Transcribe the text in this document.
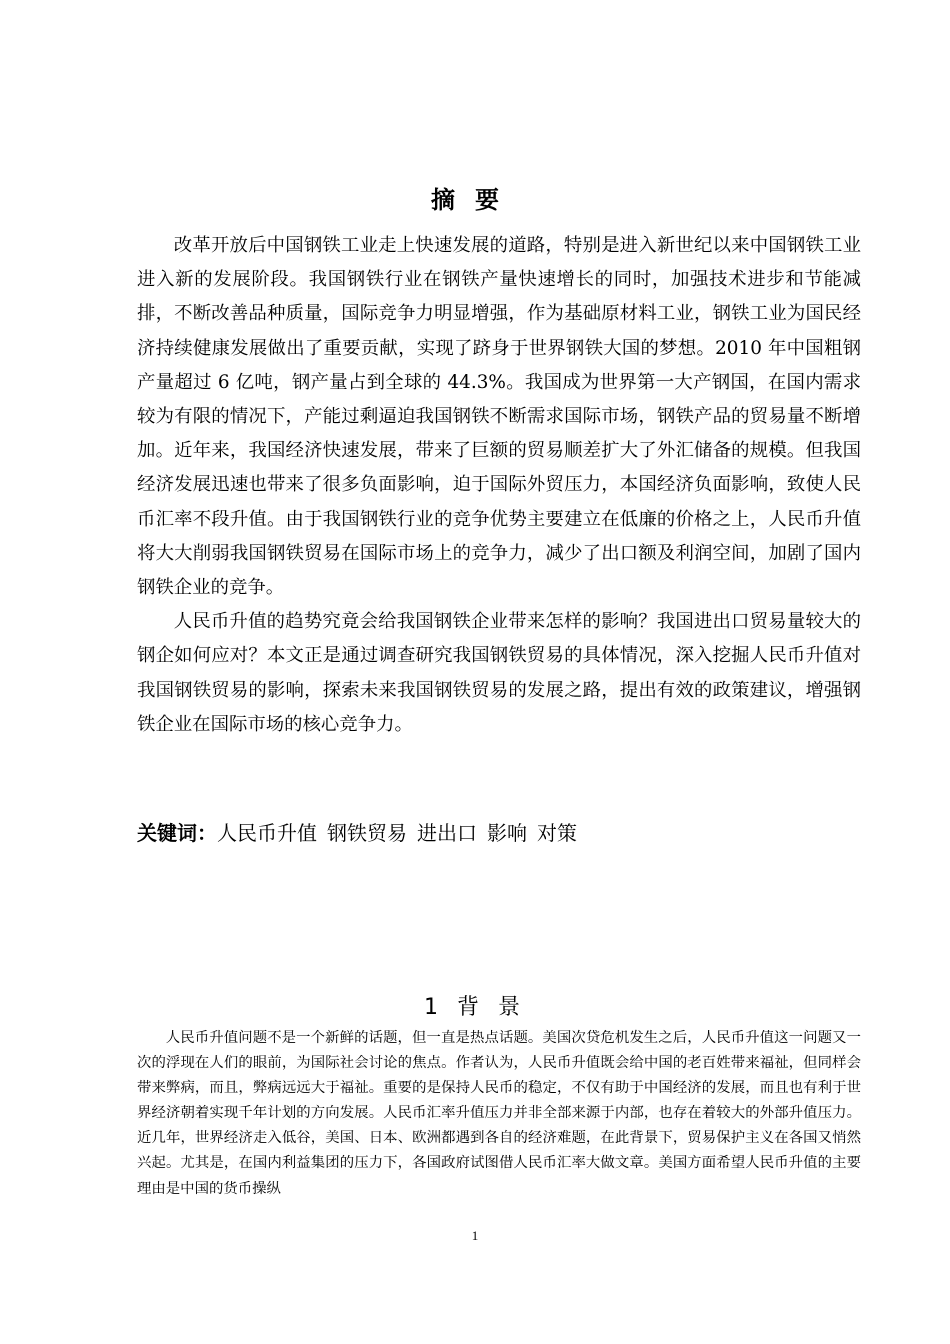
摘要

改革开放后中国钢铁工业走上快速发展的道路，特别是进入新世纪以来中国钢铁工业进入新的发展阶段。我国钢铁行业在钢铁产量快速增长的同时，加强技术进步和节能减排，不断改善品种质量，国际竞争力明显增强，作为基础原材料工业，钢铁工业为国民经济持续健康发展做出了重要贡献，实现了跻身于世界钢铁大国的梦想。2010 年中国粗钢产量超过 6 亿吨，钢产量占到全球的 44.3%。我国成为世界第一大产钢国，在国内需求较为有限的情况下，产能过剩逼迫我国钢铁不断需求国际市场，钢铁产品的贸易量不断增加。近年来，我国经济快速发展，带来了巨额的贸易顺差扩大了外汇储备的规模。但我国经济发展迅速也带来了很多负面影响，迫于国际外贸压力，本国经济负面影响，致使人民币汇率不段升值。由于我国钢铁行业的竞争优势主要建立在低廉的价格之上，人民币升值将大大削弱我国钢铁贸易在国际市场上的竞争力，减少了出口额及利润空间，加剧了国内钢铁企业的竞争。

人民币升值的趋势究竟会给我国钢铁企业带来怎样的影响？我国进出口贸易量较大的钢企如何应对？本文正是通过调查研究我国钢铁贸易的具体情况，深入挖掘人民币升值对我国钢铁贸易的影响，探索未来我国钢铁贸易的发展之路，提出有效的政策建议，增强钢铁企业在国际市场的核心竞争力。

关键词：人民币升值 钢铁贸易 进出口 影响 对策
1 背 景

人民币升值问题不是一个新鲜的话题，但一直是热点话题。美国次贷危机发生之后，人民币升值这一问题又一次的浮现在人们的眼前，为国际社会讨论的焦点。作者认为，人民币升值既会给中国的老百姓带来福祉，但同样会带来弊病，而且，弊病远远大于福祉。重要的是保持人民币的稳定，不仅有助于中国经济的发展，而且也有利于世界经济朝着实现千年计划的方向发展。人民币汇率升值压力并非全部来源于内部，也存在着较大的外部升值压力。近几年，世界经济走入低谷，美国、日本、欧洲都遇到各自的经济难题，在此背景下，贸易保护主义在各国又悄然兴起。尤其是，在国内利益集团的压力下，各国政府试图借人民币汇率大做文章。美国方面希望人民币升值的主要理由是中国的货币操纵

1
